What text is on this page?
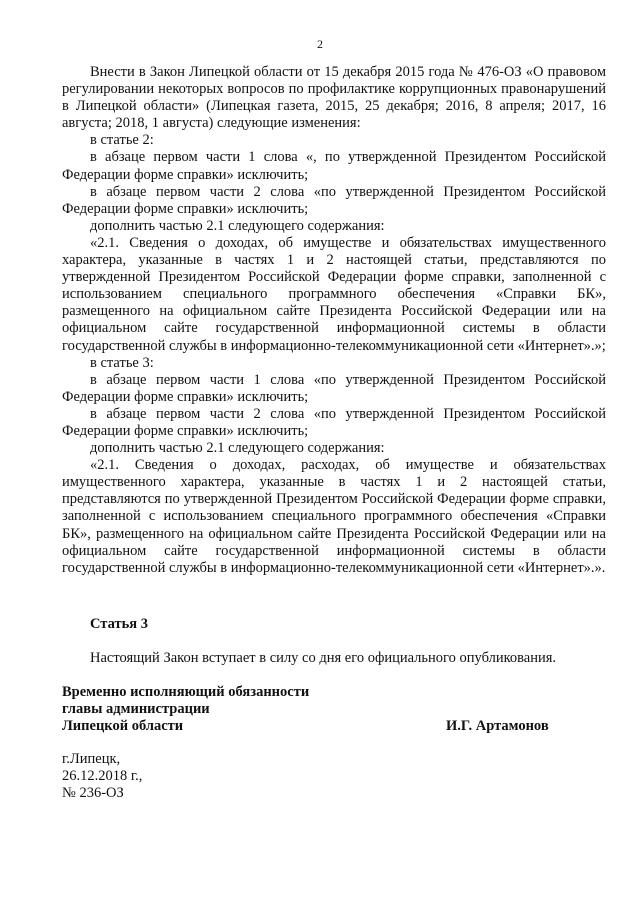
2

Внести в Закон Липецкой области от 15 декабря 2015 года № 476-ОЗ «О правовом регулировании некоторых вопросов по профилактике коррупционных правонарушений в Липецкой области» (Липецкая газета, 2015, 25 декабря; 2016, 8 апреля; 2017, 16 августа; 2018, 1 августа) следующие изменения:

в статье 2:

в абзаце первом части 1 слова «, по утвержденной Президентом Российской Федерации форме справки» исключить;

в абзаце первом части 2 слова «по утвержденной Президентом Российской Федерации форме справки» исключить;

дополнить частью 2.1 следующего содержания:

«2.1. Сведения о доходах, об имуществе и обязательствах имущественного характера, указанные в частях 1 и 2 настоящей статьи, представляются по утвержденной Президентом Российской Федерации форме справки, заполненной с использованием специального программного обеспечения «Справки БК», размещенного на официальном сайте Президента Российской Федерации или на официальном сайте государственной информационной системы в области государственной службы в информационно-телекоммуникационной сети «Интернет».»;

в статье 3:

в абзаце первом части 1 слова «по утвержденной Президентом Российской Федерации форме справки» исключить;

в абзаце первом части 2 слова «по утвержденной Президентом Российской Федерации форме справки» исключить;

дополнить частью 2.1 следующего содержания:

«2.1. Сведения о доходах, расходах, об имуществе и обязательствах имущественного характера, указанные в частях 1 и 2 настоящей статьи, представляются по утвержденной Президентом Российской Федерации форме справки, заполненной с использованием специального программного обеспечения «Справки БК», размещенного на официальном сайте Президента Российской Федерации или на официальном сайте государственной информационной системы в области государственной службы в информационно-телекоммуникационной сети «Интернет».».

Статья 3

Настоящий Закон вступает в силу со дня его официального опубликования.
Временно исполняющий обязанности
главы администрации
Липецкой области	И.Г. Артамонов
г.Липецк,
26.12.2018 г.,
№ 236-ОЗ
